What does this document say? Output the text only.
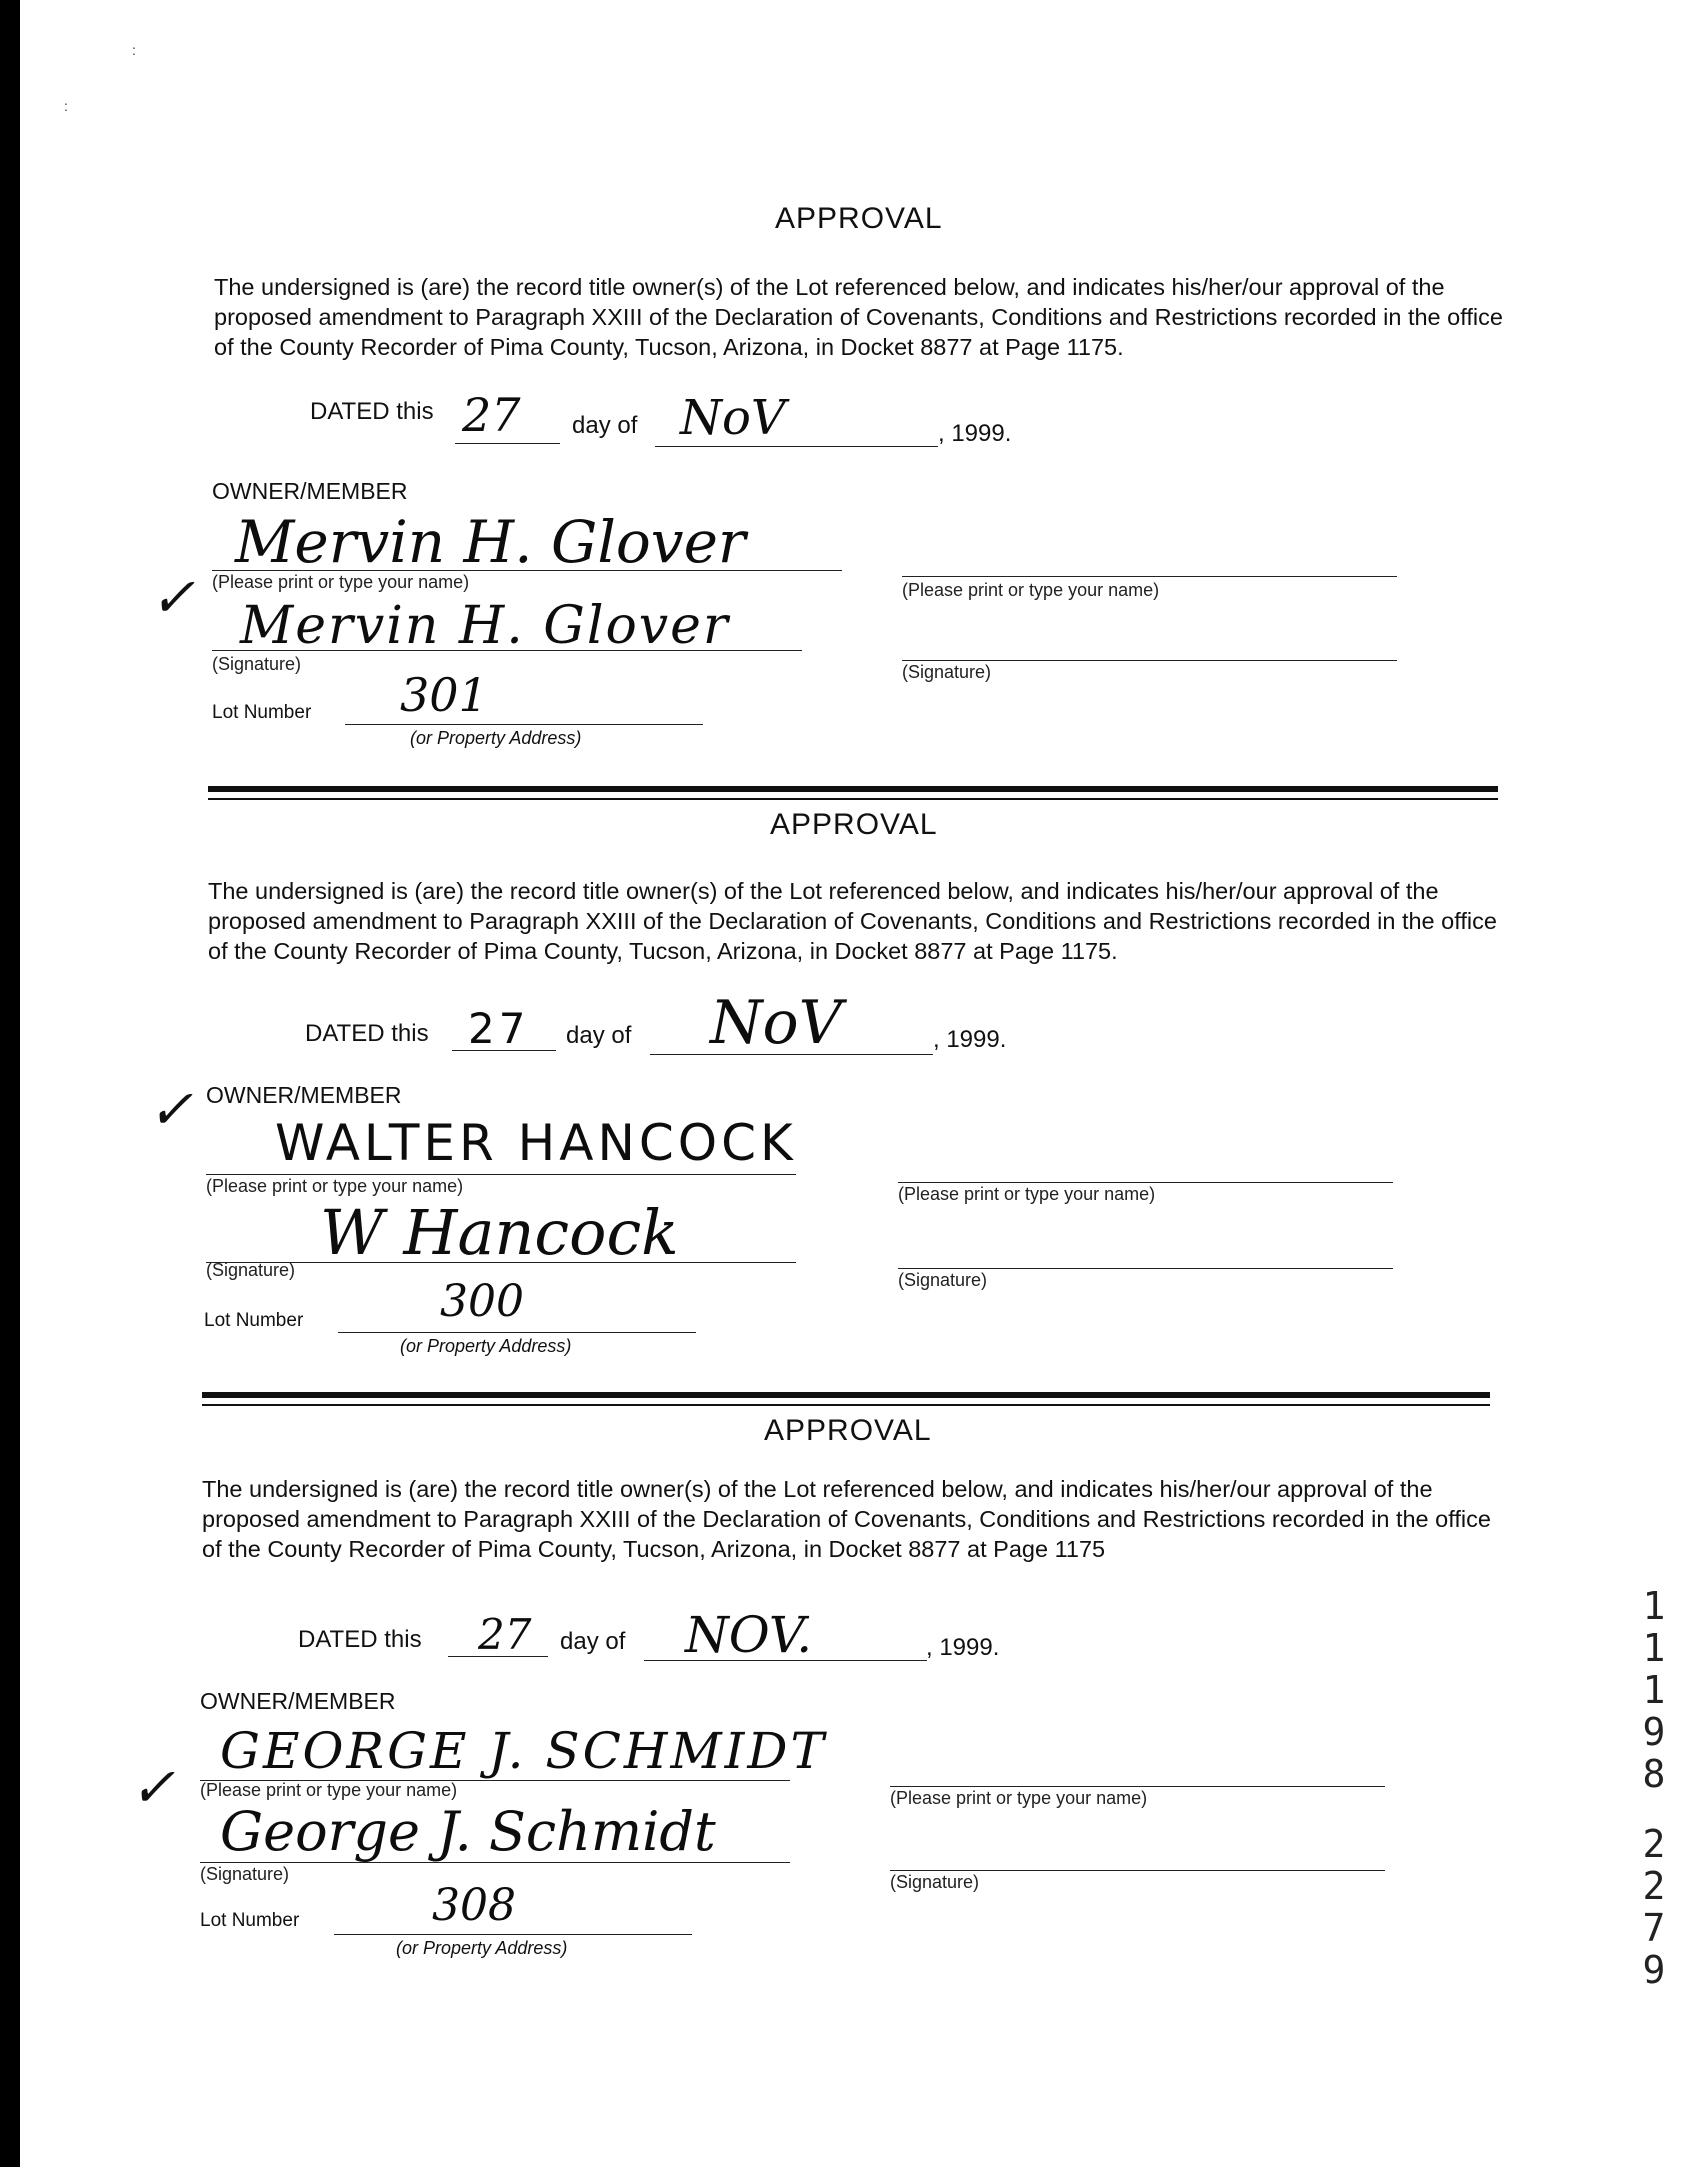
:
:
APPROVAL

The undersigned is (are) the record title owner(s) of the Lot referenced below, and indicates his/her/our approval of the proposed amendment to Paragraph XXIII of the Declaration of Covenants, Conditions and Restrictions recorded in the office of the County Recorder of Pima County, Tucson, Arizona, in Docket 8877 at Page 1175.

DATED this 27 day of NoV	, 1999.
OWNER/MEMBER
✓
Mervin H. Glover
(Please print or type your name)
Mervin H. Glover
(Signature)
Lot Number 301
(or Property Address)
(Please print or type your name)
(Signature)
APPROVAL

The undersigned is (are) the record title owner(s) of the Lot referenced below, and indicates his/her/our approval of the proposed amendment to Paragraph XXIII of the Declaration of Covenants, Conditions and Restrictions recorded in the office of the County Recorder of Pima County, Tucson, Arizona, in Docket 8877 at Page 1175.

DATED this 27 day of NoV	, 1999.
OWNER/MEMBER
✓
WALTER HANCOCK
(Please print or type your name)
W Hancock
(Signature)
Lot Number	300
(or Property Address)
(Please print or type your name)
(Signature)
APPROVAL

The undersigned is (are) the record title owner(s) of the Lot referenced below, and indicates his/her/our approval of the proposed amendment to Paragraph XXIII of the Declaration of Covenants, Conditions and Restrictions recorded in the office of the County Recorder of Pima County, Tucson, Arizona, in Docket 8877 at Page 1175

DATED this 27 day of NOV.	, 1999.
OWNER/MEMBER
✓
GEORGE J. SCHMIDT
(Please print or type your name)
George J. Schmidt
(Signature)
Lot Number	308
(or Property Address)
(Please print or type your name)
(Signature)
1
1
1
9
8
2
2
7
9
